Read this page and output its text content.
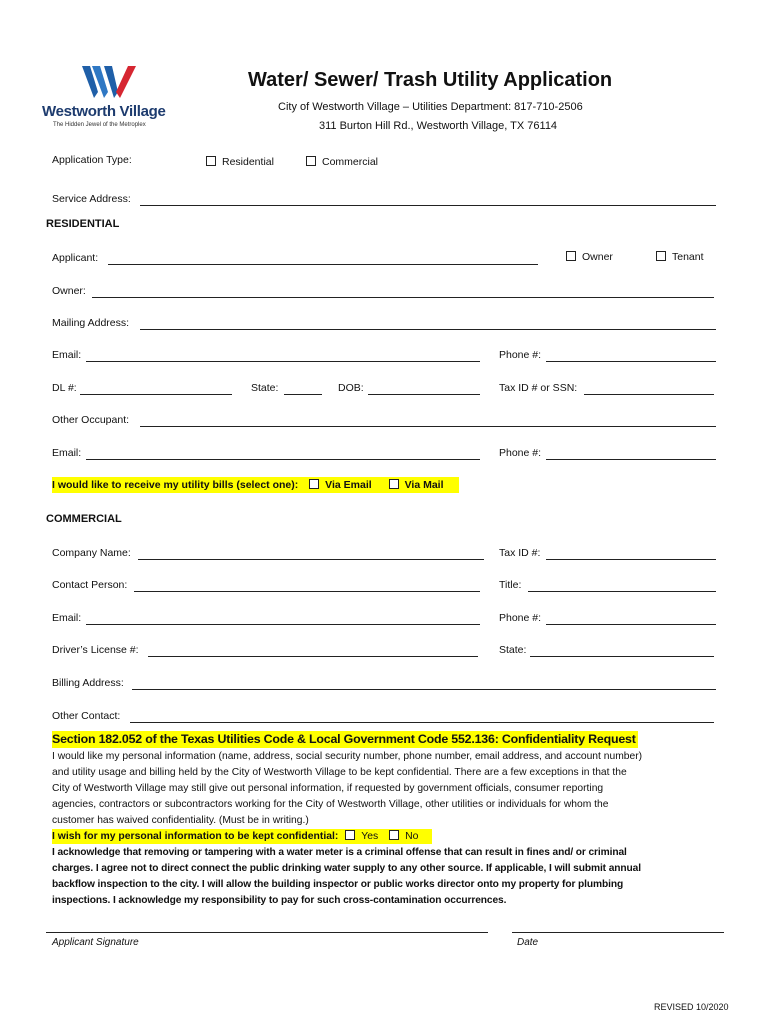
Westworth Village
The Hidden Jewel of the Metroplex
Water/ Sewer/ Trash Utility Application
City of Westworth Village – Utilities Department: 817-710-2506
311 Burton Hill Rd., Westworth Village, TX 76114
Application Type:	Residential	Commercial
Service Address:
RESIDENTIAL
Applicant:	Owner	Tenant
Owner:
Mailing Address:
Email:	Phone #:
DL #:	State:	DOB:	Tax ID # or SSN:
Other Occupant:
Email:	Phone #:
I would like to receive my utility bills (select one):	Via Email	Via Mail
COMMERCIAL
Company Name:	Tax ID #:
Contact Person:	Title:
Email:	Phone #:
Driver’s License #:	State:
Billing Address:
Other Contact:
Section 182.052 of the Texas Utilities Code & Local Government Code 552.136: Confidentiality Request
I would like my personal information (name, address, social security number, phone number, email address, and account number)
and utility usage and billing held by the City of Westworth Village to be kept confidential. There are a few exceptions in that the
City of Westworth Village may still give out personal information, if requested by government officials, consumer reporting
agencies, contractors or subcontractors working for the City of Westworth Village, other utilities or individuals for whom the
customer has waived confidentiality. (Must be in writing.)
I wish for my personal information to be kept confidential: Yes	No
I acknowledge that removing or tampering with a water meter is a criminal offense that can result in fines and/ or criminal
charges. I agree not to direct connect the public drinking water supply to any other source. If applicable, I will submit annual
backflow inspection to the city. I will allow the building inspector or public works director onto my property for plumbing
inspections. I acknowledge my responsibility to pay for such cross-contamination occurrences.
Applicant Signature	Date
REVISED 10/2020
